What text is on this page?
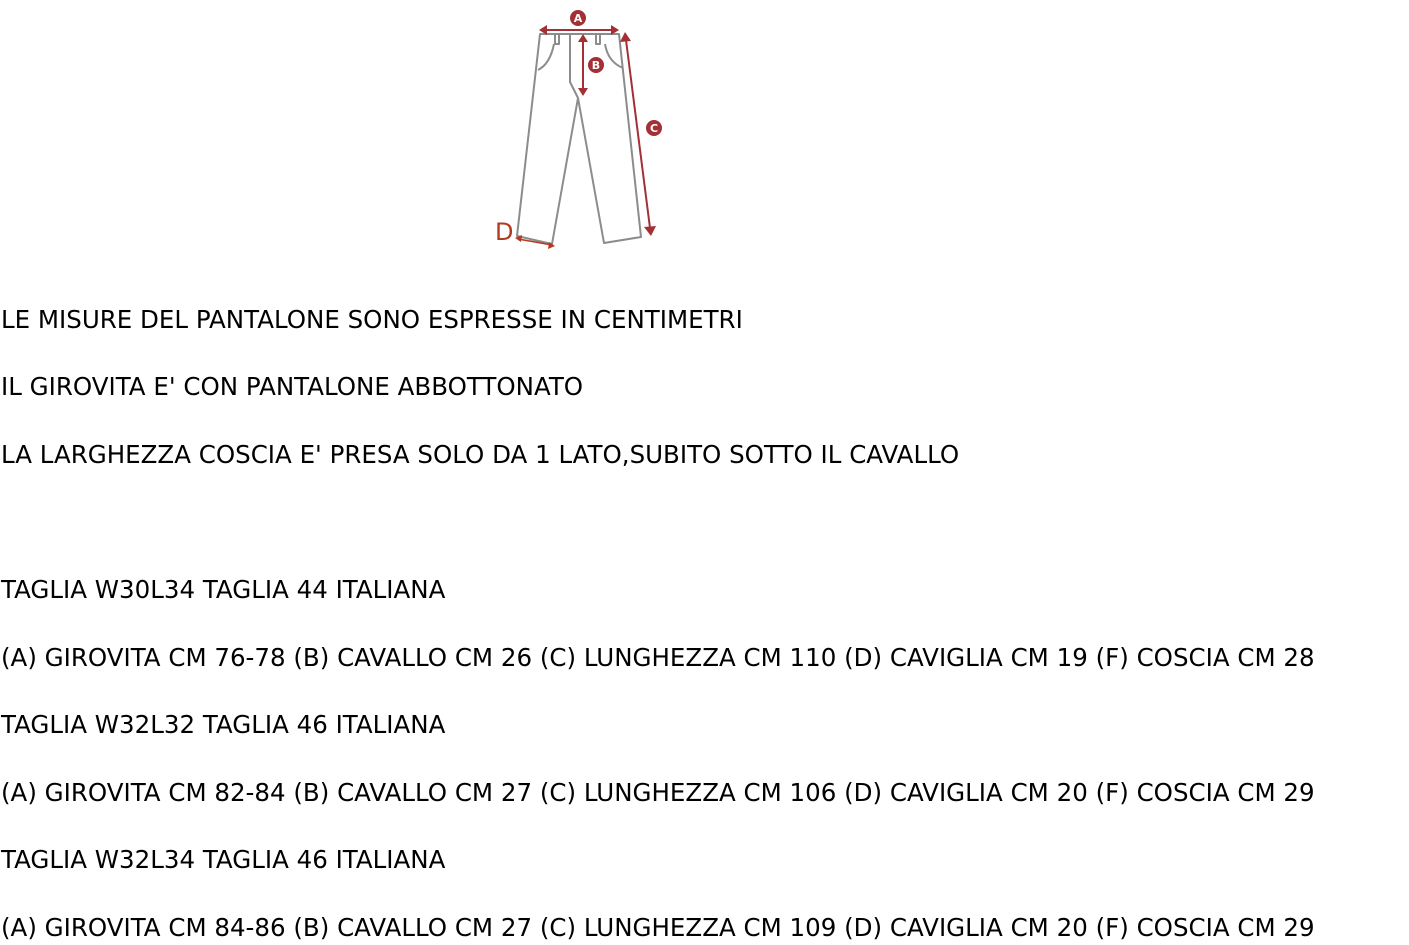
A
B
C
D

LE MISURE DEL PANTALONE SONO ESPRESSE IN CENTIMETRI

IL GIROVITA E' CON PANTALONE ABBOTTONATO

LA LARGHEZZA COSCIA E' PRESA SOLO DA 1 LATO,SUBITO SOTTO IL CAVALLO

TAGLIA W30L34 TAGLIA 44 ITALIANA

(A) GIROVITA CM 76-78 (B) CAVALLO CM 26 (C) LUNGHEZZA CM 110 (D) CAVIGLIA CM 19 (F) COSCIA CM 28

TAGLIA W32L32 TAGLIA 46 ITALIANA

(A) GIROVITA CM 82-84 (B) CAVALLO CM 27 (C) LUNGHEZZA CM 106 (D) CAVIGLIA CM 20 (F) COSCIA CM 29

TAGLIA W32L34 TAGLIA 46 ITALIANA

(A) GIROVITA CM 84-86 (B) CAVALLO CM 27 (C) LUNGHEZZA CM 109 (D) CAVIGLIA CM 20 (F) COSCIA CM 29
